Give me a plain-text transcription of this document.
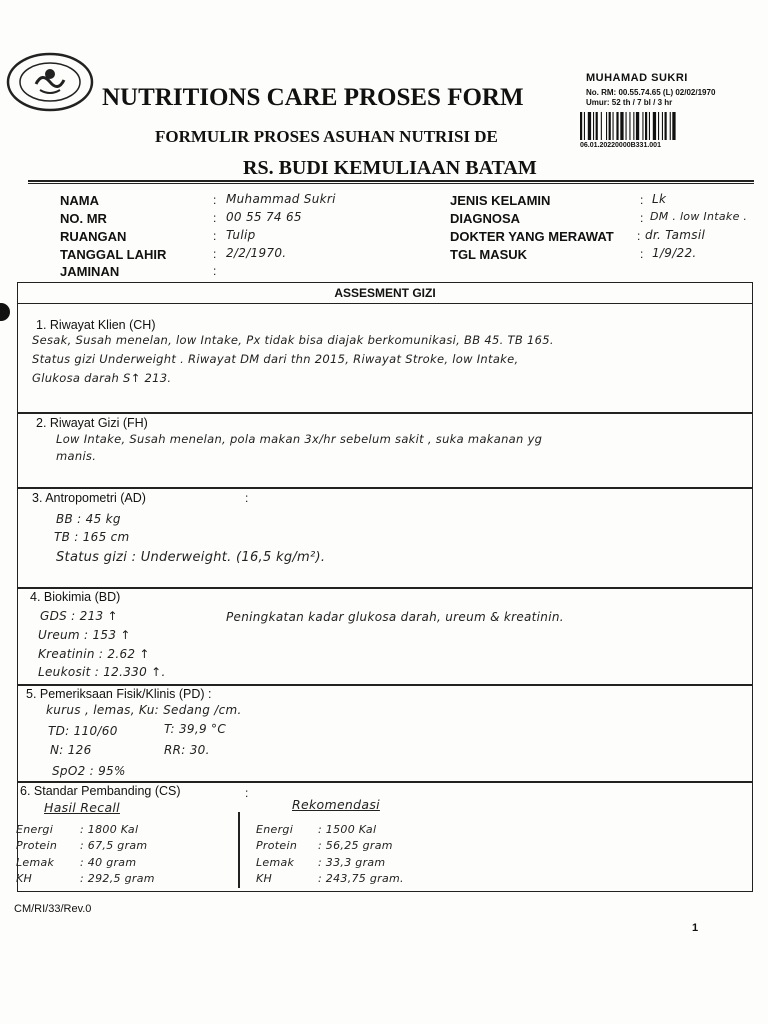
NUTRITIONS CARE PROSES FORM
FORMULIR PROSES ASUHAN NUTRISI DE
RS. BUDI KEMULIAAN BATAM
MUHAMAD SUKRI
No. RM: 00.55.74.65 (L) 02/02/1970
Umur: 52 th / 7 bl / 3 hr
06.01.20220000B331.001
NAMA	: Muhammad Sukri
NO. MR	: 00 55 74 65
RUANGAN	: Tulip
TANGGAL LAHIR	: 2/2/1970.
JAMINAN	:
JENIS KELAMIN	: Lk
DIAGNOSA	: DM . low Intake .
DOKTER YANG MERAWAT : dr. Tamsil
TGL MASUK	: 1/9/22.
ASSESMENT GIZI
1. Riwayat Klien (CH)
Sesak, Susah menelan, low Intake, Px tidak bisa diajak berkomunikasi, BB 45. TB 165.
Status gizi Underweight . Riwayat DM dari thn 2015, Riwayat Stroke, low Intake,
Glukosa darah S↑ 213.
2. Riwayat Gizi (FH)
Low Intake, Susah menelan, pola makan 3x/hr sebelum sakit , suka makanan yg
manis.
3. Antropometri (AD)	:
BB : 45 kg
TB : 165 cm
Status gizi : Underweight. (16,5 kg/m²).
4. Biokimia (BD)
GDS : 213 ↑
Ureum : 153 ↑
Kreatinin : 2.62 ↑
Leukosit : 12.330 ↑.
Peningkatan kadar glukosa darah, ureum & kreatinin.
5. Pemeriksaan Fisik/Klinis (PD) :
kurus , lemas, Ku: Sedang /cm.
TD: 110/60	T: 39,9 °C
N: 126	RR: 30.
SpO2 : 95%
6. Standar Pembanding (CS)	:
Hasil Recall	Rekomendasi
Energi : 1800 Kal
Protein : 67,5 gram
Lemak : 40 gram
KH	: 292,5 gram
Energi : 1500 Kal
Protein : 56,25 gram
Lemak : 33,3 gram
KH	: 243,75 gram.
CM/RI/33/Rev.0
1
